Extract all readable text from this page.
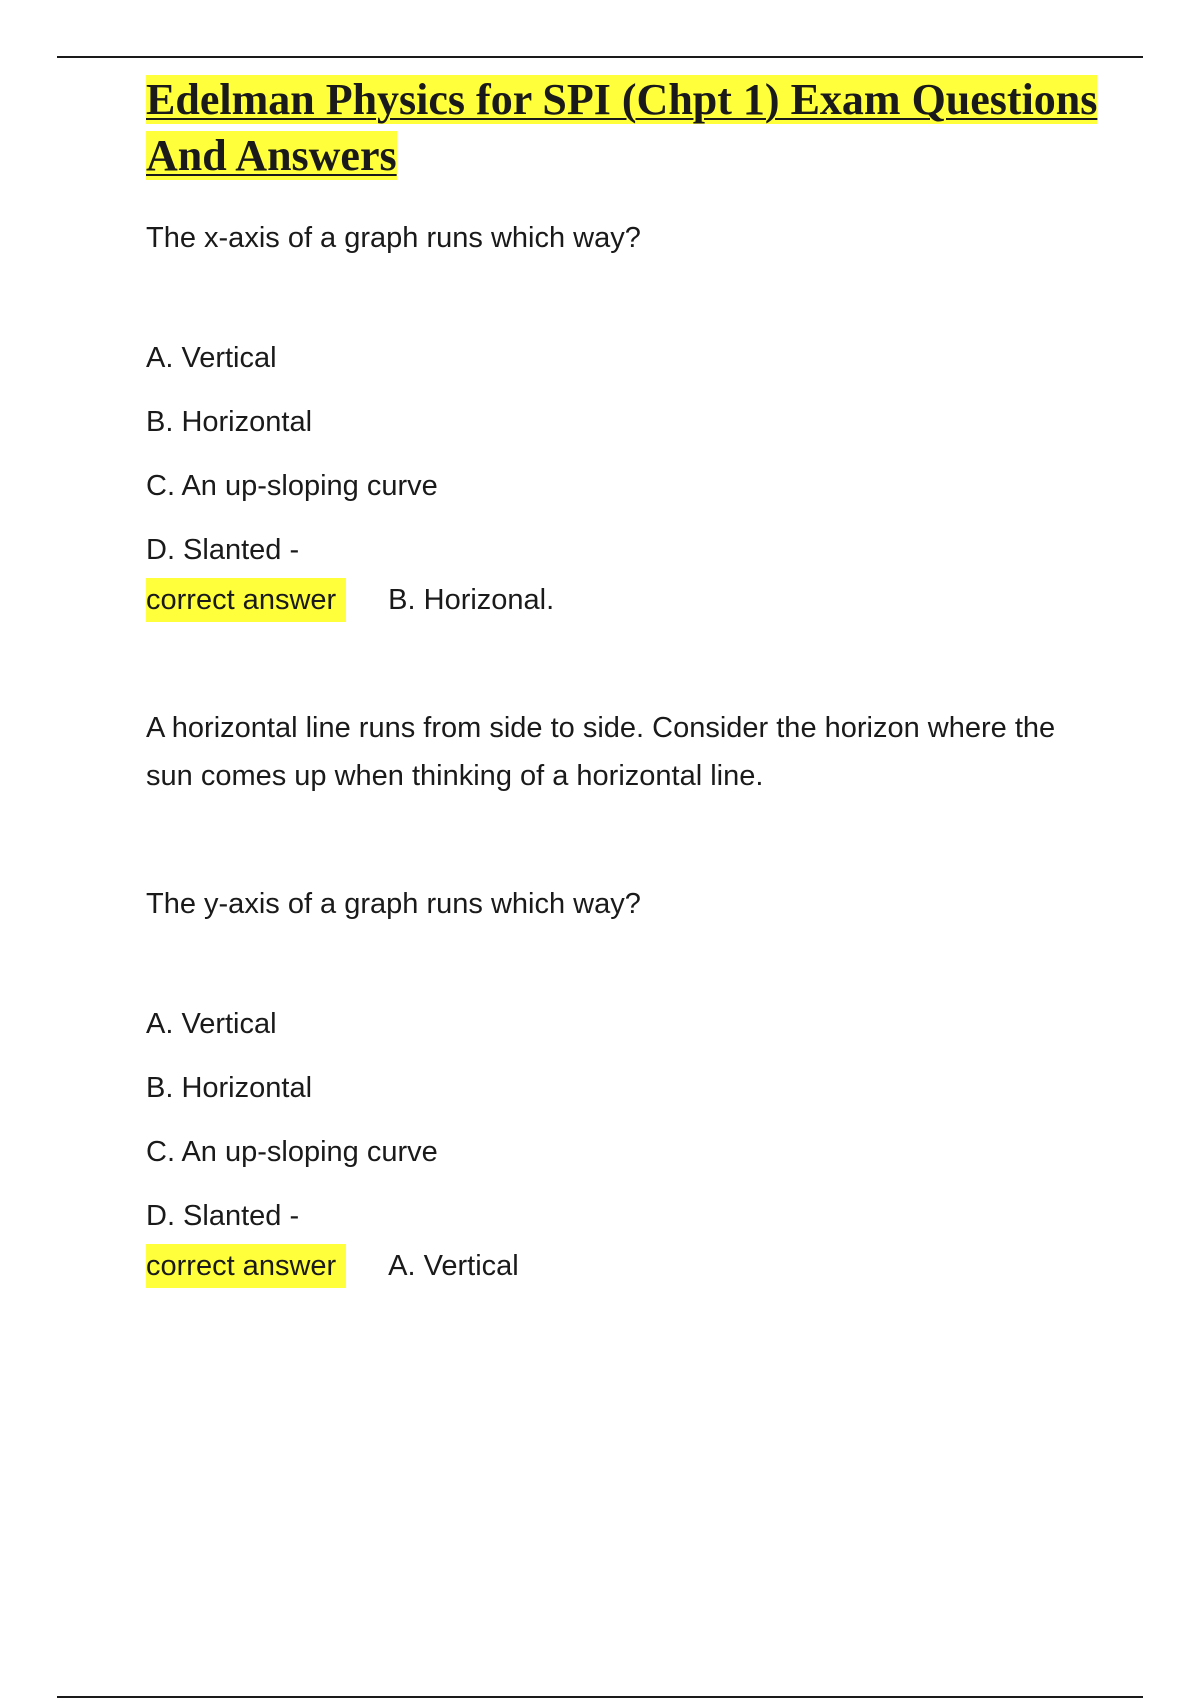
Edelman Physics for SPI (Chpt 1) Exam Questions And Answers

The x-axis of a graph runs which way?

A. Vertical

B. Horizontal

C. An up-sloping curve

D. Slanted -

correct answer	B. Horizonal.

A horizontal line runs from side to side. Consider the horizon where the sun comes up when thinking of a horizontal line.

The y-axis of a graph runs which way?

A. Vertical

B. Horizontal

C. An up-sloping curve

D. Slanted -

correct answer	A. Vertical
